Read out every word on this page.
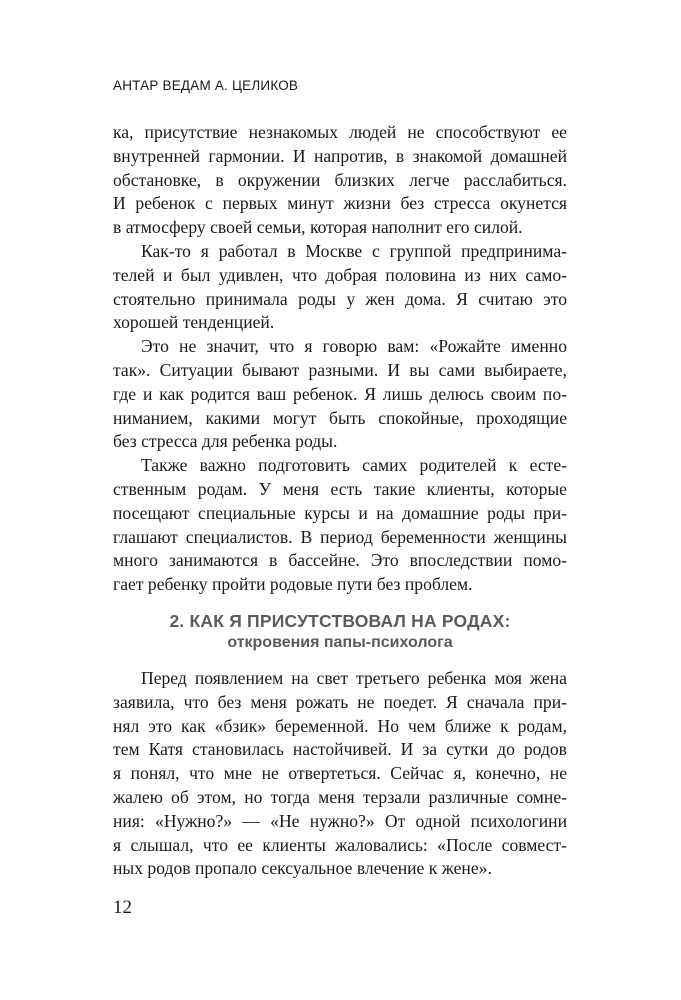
АНТАР ВЕДАМ А. ЦЕЛИКОВ
ка, присутствие незнакомых людей не способствуют ее
внутренней гармонии. И напротив, в знакомой домашней
обстановке, в окружении близких легче расслабиться.
И ребенок с первых минут жизни без стресса окунется
в атмосферу своей семьи, которая наполнит его силой.
Как-то я работал в Москве с группой предпринима-
телей и был удивлен, что добрая половина из них само-
стоятельно принимала роды у жен дома. Я считаю это
хорошей тенденцией.
Это не значит, что я говорю вам: «Рожайте именно
так». Ситуации бывают разными. И вы сами выбираете,
где и как родится ваш ребенок. Я лишь делюсь своим по-
ниманием, какими могут быть спокойные, проходящие
без стресса для ребенка роды.
Также важно подготовить самих родителей к есте-
ственным родам. У меня есть такие клиенты, которые
посещают специальные курсы и на домашние роды при-
глашают специалистов. В период беременности женщины
много занимаются в бассейне. Это впоследствии помо-
гает ребенку пройти родовые пути без проблем.
2. КАК Я ПРИСУТСТВОВАЛ НА РОДАХ:
откровения папы-психолога
Перед появлением на свет третьего ребенка моя жена
заявила, что без меня рожать не поедет. Я сначала при-
нял это как «бзик» беременной. Но чем ближе к родам,
тем Катя становилась настойчивей. И за сутки до родов
я понял, что мне не отвертеться. Сейчас я, конечно, не
жалею об этом, но тогда меня терзали различные сомне-
ния: «Нужно?» — «Не нужно?» От одной психологини
я слышал, что ее клиенты жаловались: «После совмест-
ных родов пропало сексуальное влечение к жене».
12
